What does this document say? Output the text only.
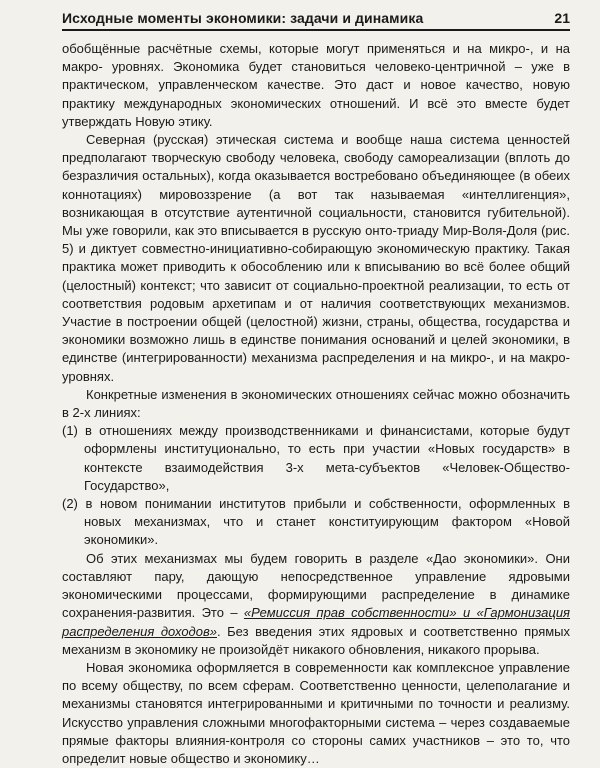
Исходные моменты экономики: задачи и динамика	21

обобщённые расчётные схемы, которые могут применяться и на микро-, и на макро- уровнях. Экономика будет становиться человеко-центричной – уже в практическом, управленческом качестве. Это даст и новое качество, новую практику международных экономических отношений. И всё это вместе будет утверждать Новую этику.

Северная (русская) этическая система и вообще наша система ценностей предполагают творческую свободу человека, свободу самореализации (вплоть до безразличия остальных), когда оказывается востребовано объединяющее (в обеих коннотациях) мировоззрение (а вот так называемая «интеллигенция», возникающая в отсутствие аутентичной социальности, становится губительной). Мы уже говорили, как это вписывается в русскую онто-триаду Мир-Воля-Доля (рис. 5) и диктует совместно-инициативно-собирающую экономическую практику. Такая практика может приводить к обособлению или к вписыванию во всё более общий (целостный) контекст; что зависит от социально-проектной реализации, то есть от соответствия родовым архетипам и от наличия соответствующих механизмов. Участие в построении общей (целостной) жизни, страны, общества, государства и экономики возможно лишь в единстве понимания оснований и целей экономики, в единстве (интегрированности) механизма распределения и на микро-, и на макро- уровнях.

Конкретные изменения в экономических отношениях сейчас можно обозначить в 2-х линиях:

(1) в отношениях между производственниками и финансистами, которые будут оформлены институционально, то есть при участии «Новых государств» в контексте взаимодействия 3-х мета-субъектов «Человек-Общество-Государство»,

(2) в новом понимании институтов прибыли и собственности, оформленных в новых механизмах, что и станет конституирующим фактором «Новой экономики».

Об этих механизмах мы будем говорить в разделе «Дао экономики». Они составляют пару, дающую непосредственное управление ядровыми экономическими процессами, формирующими распределение в динамике сохранения-развития. Это – «Ремиссия прав собственности» и «Гармонизация распределения доходов». Без введения этих ядровых и соответственно прямых механизм в экономику не произойдёт никакого обновления, никакого прорыва.

Новая экономика оформляется в современности как комплексное управление по всему обществу, по всем сферам. Соответственно ценности, целеполагание и механизмы становятся интегрированными и критичными по точности и реализму. Искусство управления сложными многофакторными система – через создаваемые прямые факторы влияния-контроля со стороны самих участников – это то, что определит новые общество и экономику…
